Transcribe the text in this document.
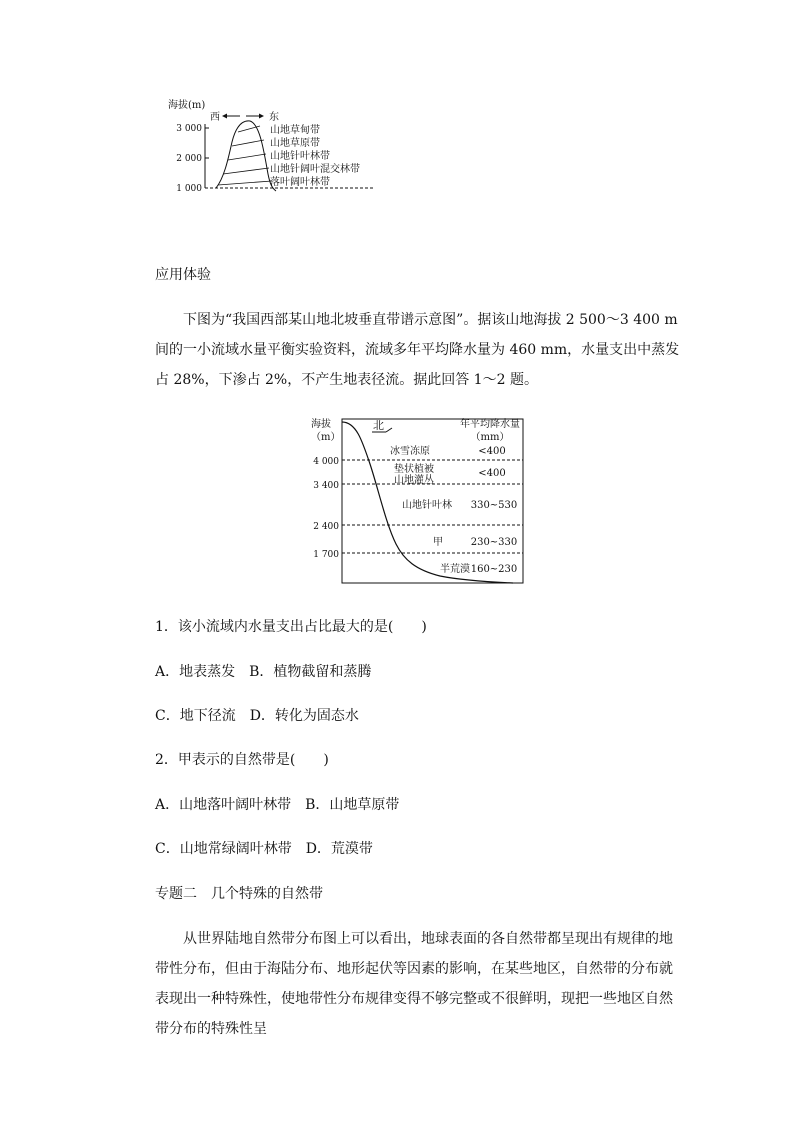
海拔(m)
西	东
3 000
2 000
1 000
山地草甸带
山地草原带
山地针叶林带
山地针阔叶混交林带
落叶阔叶林带
应用体验
下图为“我国西部某山地北坡垂直带谱示意图”。据该山地海拔 2 500～3 400 m 间的一小流域水量平衡实验资料，流域多年平均降水量为 460 mm，水量支出中蒸发占 28%，下渗占 2%，不产生地表径流。据此回答 1～2 题。
海拔
（m）
北	年平均降水量
（mm）
4 000
3 400
2 400
1 700
冰雪冻原	<400
垫状植被
山地灌丛
<400
山地针叶林 330~530
甲	230~330
半荒漠 160~230
1．该小流域内水量支出占比最大的是(　　)
A．地表蒸发　B．植物截留和蒸腾
C．地下径流　D．转化为固态水
2．甲表示的自然带是(　　)
A．山地落叶阔叶林带　B．山地草原带
C．山地常绿阔叶林带　D．荒漠带
专题二　几个特殊的自然带
从世界陆地自然带分布图上可以看出，地球表面的各自然带都呈现出有规律的地带性分布，但由于海陆分布、地形起伏等因素的影响，在某些地区，自然带的分布就表现出一种特殊性，使地带性分布规律变得不够完整或不很鲜明，现把一些地区自然带分布的特殊性呈
